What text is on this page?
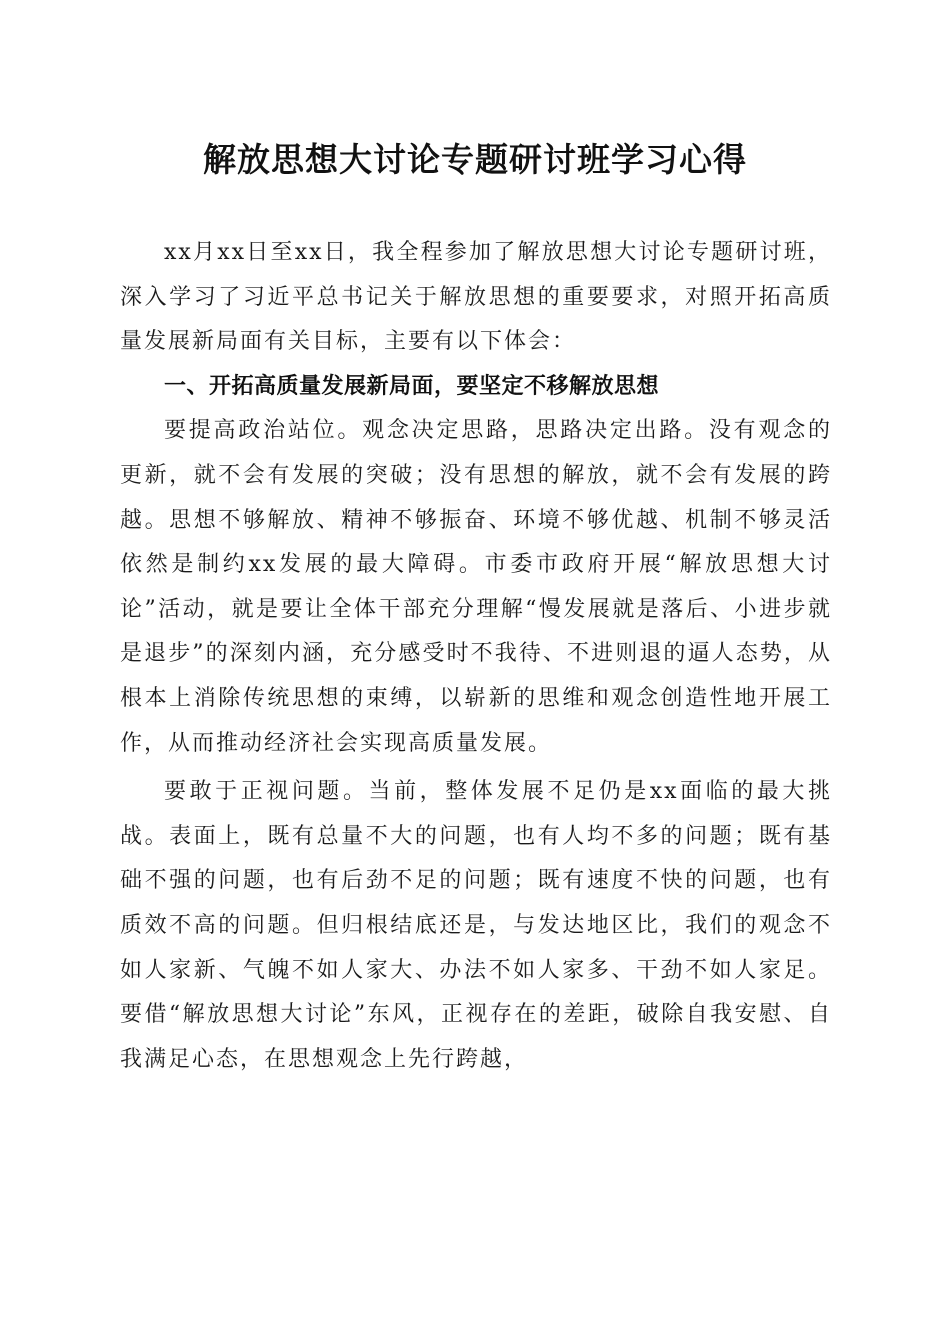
解放思想大讨论专题研讨班学习心得

xx月xx日至xx日，我全程参加了解放思想大讨论专题研讨班，深入学习了习近平总书记关于解放思想的重要要求，对照开拓高质量发展新局面有关目标，主要有以下体会：

一、开拓高质量发展新局面，要坚定不移解放思想

要提高政治站位。观念决定思路，思路决定出路。没有观念的更新，就不会有发展的突破；没有思想的解放，就不会有发展的跨越。思想不够解放、精神不够振奋、环境不够优越、机制不够灵活依然是制约xx发展的最大障碍。市委市政府开展“解放思想大讨论”活动，就是要让全体干部充分理解“慢发展就是落后、小进步就是退步”的深刻内涵，充分感受时不我待、不进则退的逼人态势，从根本上消除传统思想的束缚，以崭新的思维和观念创造性地开展工作，从而推动经济社会实现高质量发展。

要敢于正视问题。当前，整体发展不足仍是xx面临的最大挑战。表面上，既有总量不大的问题，也有人均不多的问题；既有基础不强的问题，也有后劲不足的问题；既有速度不快的问题，也有质效不高的问题。但归根结底还是，与发达地区比，我们的观念不如人家新、气魄不如人家大、办法不如人家多、干劲不如人家足。要借“解放思想大讨论”东风，正视存在的差距，破除自我安慰、自我满足心态，在思想观念上先行跨越，
